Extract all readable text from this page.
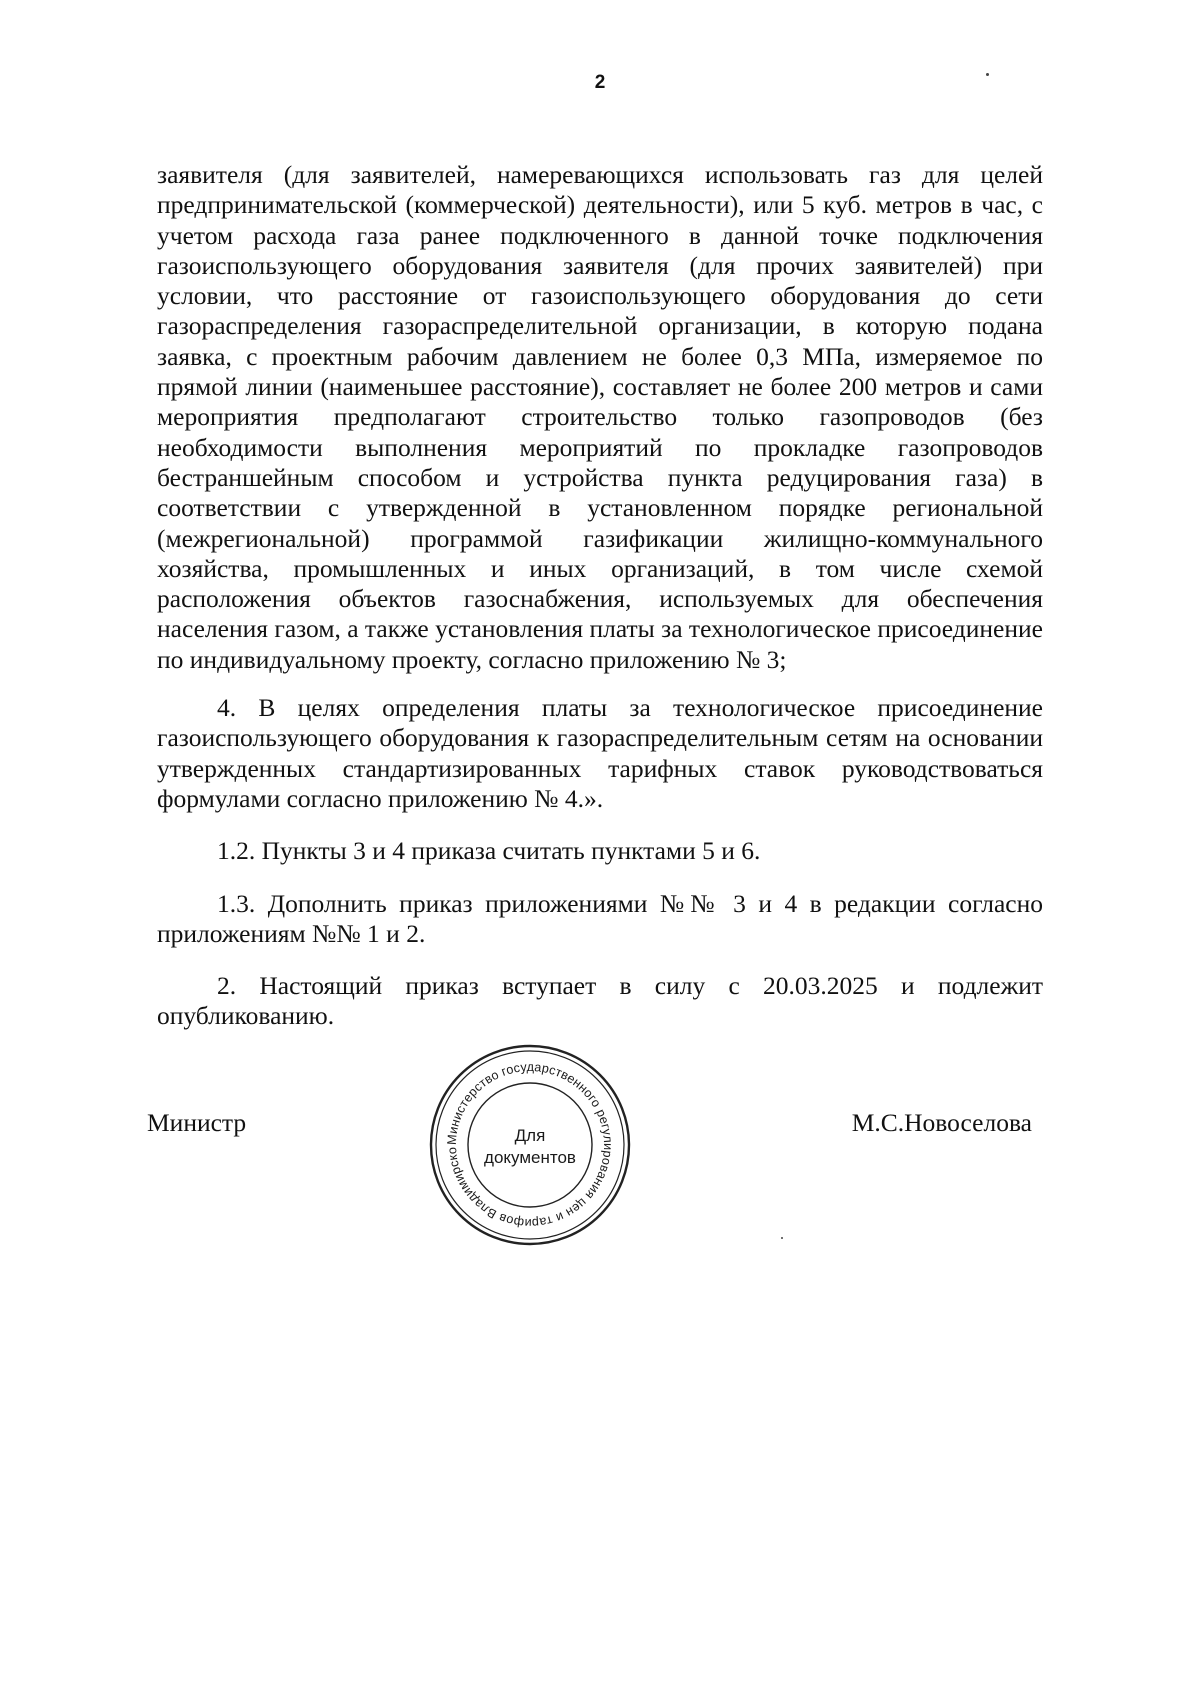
2

заявителя (для заявителей, намеревающихся использовать газ для целей предпринимательской (коммерческой) деятельности), или 5 куб. метров в час, с учетом расхода газа ранее подключенного в данной точке подключения газоиспользующего оборудования заявителя (для прочих заявителей) при условии, что расстояние от газоиспользующего оборудования до сети газораспределения газораспределительной организации, в которую подана заявка, с проектным рабочим давлением не более 0,3 МПа, измеряемое по прямой линии (наименьшее расстояние), составляет не более 200 метров и сами мероприятия предполагают строительство только газопроводов (без необходимости выполнения мероприятий по прокладке газопроводов бестраншейным способом и устройства пункта редуцирования газа) в соответствии с утвержденной в установленном порядке региональной (межрегиональной) программой газификации жилищно-коммунального хозяйства, промышленных и иных организаций, в том числе схемой расположения объектов газоснабжения, используемых для обеспечения населения газом, а также установления платы за технологическое присоединение по индивидуальному проекту, согласно приложению № 3;

4. В целях определения платы за технологическое присоединение газоиспользующего оборудования к газораспределительным сетям на основании утвержденных стандартизированных тарифных ставок руководствоваться формулами согласно приложению № 4.».

1.2. Пункты 3 и 4 приказа считать пунктами 5 и 6.

1.3. Дополнить приказ приложениями №№ 3 и 4 в редакции согласно приложениям №№ 1 и 2.

2. Настоящий приказ вступает в силу с 20.03.2025 и подлежит опубликованию.

Министр
Министерство государственного регулирования цен и тарифов Владимирско
Для
документов
М.С.Новоселова
